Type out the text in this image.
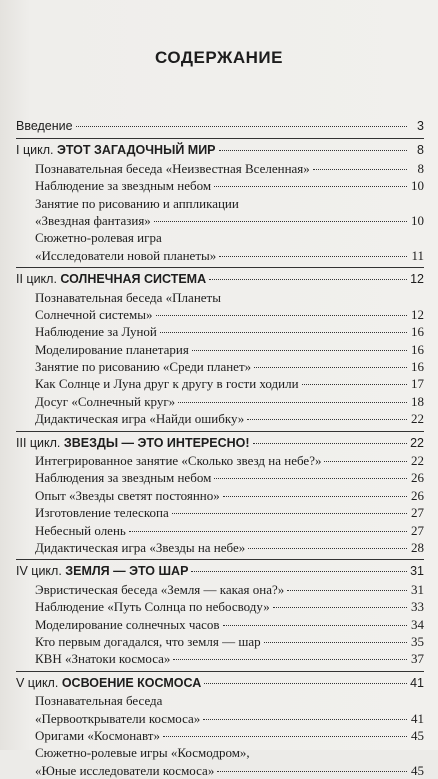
СОДЕРЖАНИЕ
Введение	3
I цикл. ЭТОТ ЗАГАДОЧНЫЙ МИР	8
Познавательная беседа «Неизвестная Вселенная»	8
Наблюдение за звездным небом	10
Занятие по рисованию и аппликации
«Звездная фантазия»	10
Сюжетно-ролевая игра
«Исследователи новой планеты»	11
II цикл. СОЛНЕЧНАЯ СИСТЕМА	12
Познавательная беседа «Планеты
Солнечной системы»	12
Наблюдение за Луной	16
Моделирование планетария	16
Занятие по рисованию «Среди планет»	16
Как Солнце и Луна друг к другу в гости ходили	17
Досуг «Солнечный круг»	18
Дидактическая игра «Найди ошибку»	22
III цикл. ЗВЕЗДЫ — ЭТО ИНТЕРЕСНО!	22
Интегрированное занятие «Сколько звезд на небе?»	22
Наблюдения за звездным небом	26
Опыт «Звезды светят постоянно»	26
Изготовление телескопа	27
Небесный олень	27
Дидактическая игра «Звезды на небе»	28
IV цикл. ЗЕМЛЯ — ЭТО ШАР	31
Эвристическая беседа «Земля — какая она?»	31
Наблюдение «Путь Солнца по небосводу»	33
Моделирование солнечных часов	34
Кто первым догадался, что земля — шар	35
КВН «Знатоки космоса»	37
V цикл. ОСВОЕНИЕ КОСМОСА	41
Познавательная беседа
«Первооткрыватели космоса»	41
Оригами «Космонавт»	45
Сюжетно-ролевые игры «Космодром»,
«Юные исследователи космоса»	45
